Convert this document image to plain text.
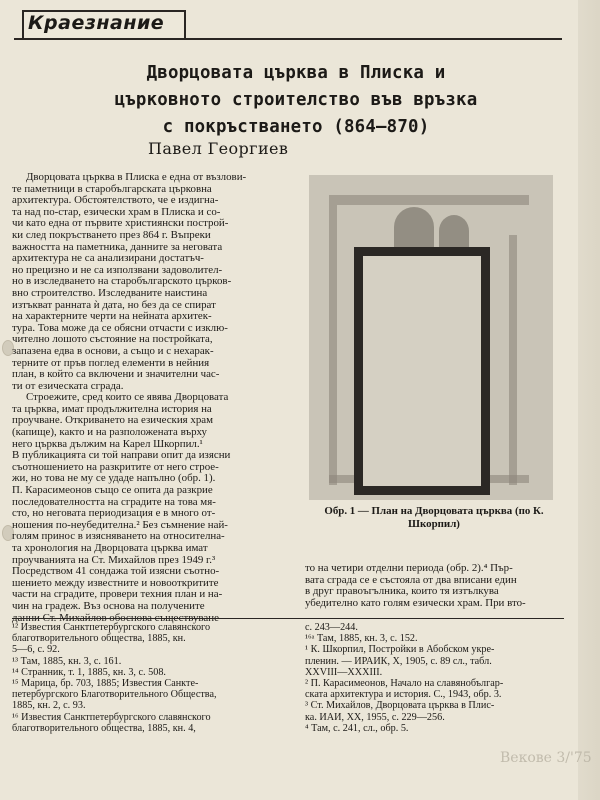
Краезнание
Дворцовата църква в Плиска и
църковното строителство във връзка
с покръстването (864—870)
Павел Георгиев
Дворцовата църква в Плиска е една от възлови-
те паметници в старобългарската църковна
архитектура. Обстоятелството, че е издигна-
та над по-стар, езически храм в Плиска и со-
чи като една от първите християнски построй-
ки след покръстването през 864 г. Въпреки
важността на паметника, данните за неговата
архитектура не са анализирани достатъч-
но прецизно и не са използвани задоволител-
но в изследването на старобългарското църков-
вно строителство. Изследваните наистина
изтъкват ранната ѝ дата, но без да се спират
на характерните черти на нейната архитек-
тура. Това може да се обясни отчасти с изклю-
чително лошото състояние на постройката,
запазена едва в основи, а също и с нехарак-
терните от пръв поглед елементи в нейния
план, в който са включени и значителни час-
ти от езическата сграда.
Строежите, сред които се явява Дворцовата
та църква, имат продължителна история на
проучване. Откриването на езическия храм
(капище), както и на разположената върху
него църква дължим на Карел Шкорпил.¹
В публикацията си той направи опит да изясни
съотношението на разкритите от него строе-
жи, но това не му се удаде напълно (обр. 1).
П. Карасимеонов също се опита да разкрие
последователността на сградите на това мя-
сто, но неговата периодизация е в много от-
ношения по-неубедителна.² Без съмнение най-
голям принос в изясняването на относителна-
та хронология на Дворцовата църква имат
проучванията на Ст. Михайлов през 1949 г.³
Посредством 41 сондажа той изясни съотно-
шението между известните и новооткритите
части на сградите, провери техния план и на-
чин на градеж. Въз основа на получените
данни Ст. Михайлов обоснова съществуване-
Обр. 1 — План на Дворцовата църква (по К. Шкорпил)
то на четири отделни периода (обр. 2).⁴ Пър-
вата сграда се е състояла от два вписани един
в друг правоъгълника, които тя изтълкува
убедително като голям езически храм. При вто-
¹² Известия Санктпетербургского славянского
благотворительного общества, 1885, кн.
5—6, с. 92.
¹³ Там, 1885, кн. 3, с. 161.
¹⁴ Странник, т. 1, 1885, кн. 3, с. 508.
¹⁵ Марица, бр. 703, 1885; Известия Санкте-
петербургского Благотворительного Общества,
1885, кн. 2, с. 93.
¹⁶ Известия Санктпетербургского славянского
благотворительного общества, 1885, кн. 4,
с. 243—244.
¹⁶ᵃ Там, 1885, кн. 3, с. 152.
¹ К. Шкорпил, Постройки в Абобском укре-
пленин. — ИРАИК, X, 1905, с. 89 сл., табл.
XXVIII—XXXIII.
² П. Карасимеонов, Начало на славянобългар-
ската архитектура и история. С., 1943, обр. 3.
³ Ст. Михайлов, Дворцовата църква в Плис-
ка. ИАИ, XX, 1955, с. 229—256.
⁴ Там, с. 241, сл., обр. 5.
Векове 3/'75
